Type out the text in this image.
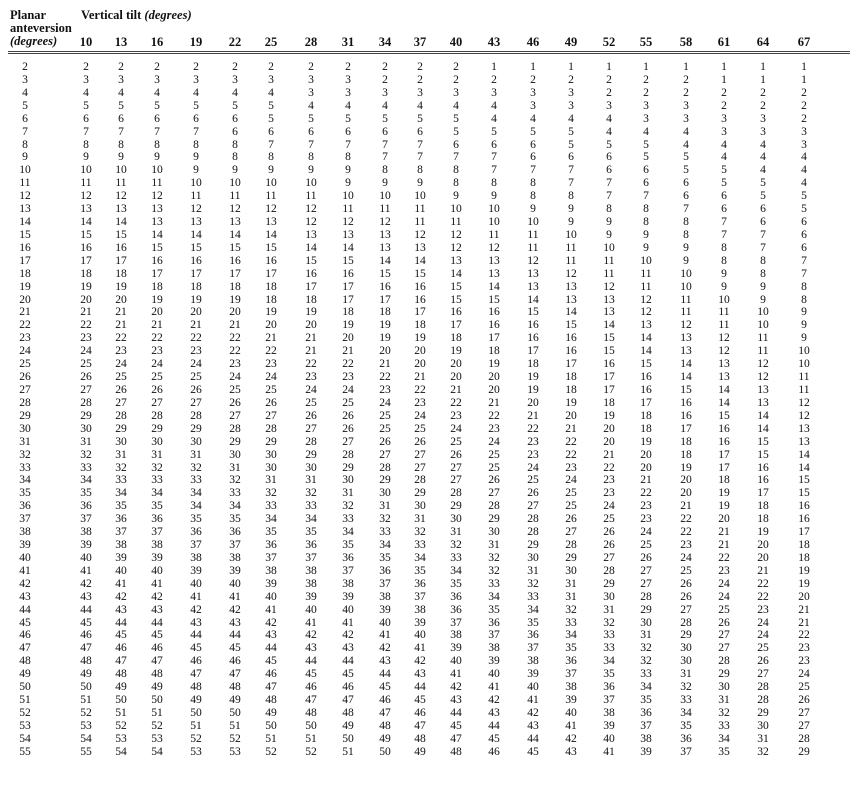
Planar
anteversion
(degrees)
Vertical tilt (degrees)
10	13	16	19	22	25	28	31	34	37	40	43	46	49	52	55	58	61	64	67
2	2	2	2	2	2	2	2	2	2	2	2	1	1	1	1	1	1	1	1	1
3	3	3	3	3	3	3	3	3	2	2	2	2	2	2	2	2	2	1	1	1
4	4	4	4	4	4	4	3	3	3	3	3	3	3	3	2	2	2	2	2	2
5	5	5	5	5	5	5	4	4	4	4	4	4	3	3	3	3	3	2	2	2
6	6	6	6	6	6	5	5	5	5	5	5	4	4	4	4	3	3	3	3	2
7	7	7	7	7	6	6	6	6	6	6	5	5	5	5	4	4	4	3	3	3
8	8	8	8	8	8	7	7	7	7	7	6	6	6	5	5	5	4	4	4	3
9	9	9	9	9	8	8	8	8	7	7	7	7	6	6	6	5	5	4	4	4
10	10	10	10	9	9	9	9	9	8	8	8	7	7	7	6	6	5	5	4	4
11	11	11	11	10	10	10	10	9	9	9	8	8	8	7	7	6	6	5	5	4
12	12	12	12	11	11	11	11	10	10	10	9	9	8	8	7	7	6	6	5	5
13	13	13	13	12	12	12	12	11	11	11	10	10	9	9	8	8	7	6	6	5
14	14	14	13	13	13	13	12	12	12	11	11	10	10	9	9	8	8	7	6	6
15	15	15	14	14	14	14	13	13	13	12	12	11	11	10	9	9	8	7	7	6
16	16	16	15	15	15	15	14	14	13	13	12	12	11	11	10	9	9	8	7	6
17	17	17	16	16	16	16	15	15	14	14	13	13	12	11	11	10	9	8	8	7
18	18	18	17	17	17	17	16	16	15	15	14	13	13	12	11	11	10	9	8	7
19	19	19	18	18	18	18	17	17	16	16	15	14	13	13	12	11	10	9	9	8
20	20	20	19	19	19	18	18	17	17	16	15	15	14	13	13	12	11	10	9	8
21	21	21	20	20	20	19	19	18	18	17	16	16	15	14	13	12	11	11	10	9
22	22	21	21	21	21	20	20	19	19	18	17	16	16	15	14	13	12	11	10	9
23	23	22	22	22	22	21	21	20	19	19	18	17	16	16	15	14	13	12	11	9
24	24	23	23	23	22	22	21	21	20	20	19	18	17	16	15	14	13	12	11	10
25	25	24	24	24	23	23	22	22	21	20	20	19	18	17	16	15	14	13	12	10
26	26	25	25	25	24	24	23	23	22	21	20	20	19	18	17	16	14	13	12	11
27	27	26	26	26	25	25	24	24	23	22	21	20	19	18	17	16	15	14	13	11
28	28	27	27	27	26	26	25	25	24	23	22	21	20	19	18	17	16	14	13	12
29	29	28	28	28	27	27	26	26	25	24	23	22	21	20	19	18	16	15	14	12
30	30	29	29	29	28	28	27	26	25	25	24	23	22	21	20	18	17	16	14	13
31	31	30	30	30	29	29	28	27	26	26	25	24	23	22	20	19	18	16	15	13
32	32	31	31	31	30	30	29	28	27	27	26	25	23	22	21	20	18	17	15	14
33	33	32	32	32	31	30	30	29	28	27	27	25	24	23	22	20	19	17	16	14
34	34	33	33	33	32	31	31	30	29	28	27	26	25	24	23	21	20	18	16	15
35	35	34	34	34	33	32	32	31	30	29	28	27	26	25	23	22	20	19	17	15
36	36	35	35	34	34	33	33	32	31	30	29	28	27	25	24	23	21	19	18	16
37	37	36	36	35	35	34	34	33	32	31	30	29	28	26	25	23	22	20	18	16
38	38	37	37	36	36	35	35	34	33	32	31	30	28	27	26	24	22	21	19	17
39	39	38	38	37	37	36	36	35	34	33	32	31	29	28	26	25	23	21	20	18
40	40	39	39	38	38	37	37	36	35	34	33	32	30	29	27	26	24	22	20	18
41	41	40	40	39	39	38	38	37	36	35	34	32	31	30	28	27	25	23	21	19
42	42	41	41	40	40	39	38	38	37	36	35	33	32	31	29	27	26	24	22	19
43	43	42	42	41	41	40	39	39	38	37	36	34	33	31	30	28	26	24	22	20
44	44	43	43	42	42	41	40	40	39	38	36	35	34	32	31	29	27	25	23	21
45	45	44	44	43	43	42	41	41	40	39	37	36	35	33	32	30	28	26	24	21
46	46	45	45	44	44	43	42	42	41	40	38	37	36	34	33	31	29	27	24	22
47	47	46	46	45	45	44	43	43	42	41	39	38	37	35	33	32	30	27	25	23
48	48	47	47	46	46	45	44	44	43	42	40	39	38	36	34	32	30	28	26	23
49	49	48	48	47	47	46	45	45	44	43	41	40	39	37	35	33	31	29	27	24
50	50	49	49	48	48	47	46	46	45	44	42	41	40	38	36	34	32	30	28	25
51	51	50	50	49	49	48	47	47	46	45	43	42	41	39	37	35	33	31	28	26
52	52	51	51	50	50	49	48	48	47	46	44	43	42	40	38	36	34	32	29	27
53	53	52	52	51	51	50	50	49	48	47	45	44	43	41	39	37	35	33	30	27
54	54	53	53	52	52	51	51	50	49	48	47	45	44	42	40	38	36	34	31	28
55	55	54	54	53	53	52	52	51	50	49	48	46	45	43	41	39	37	35	32	29
